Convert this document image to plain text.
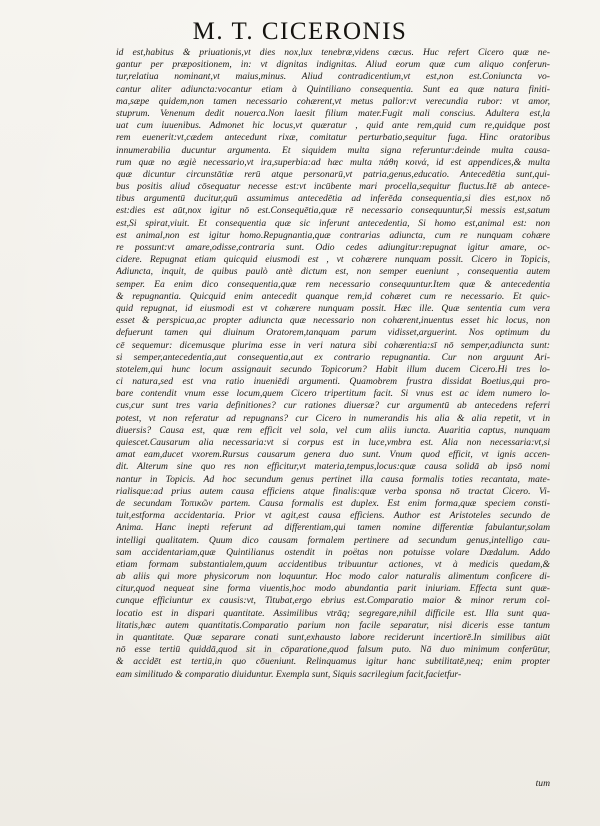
M. T. CICERONIS
id est,habitus & priuationis,vt dies nox,lux tenebræ,videns cæcus. Huc refert Cicero quæ ne-
gantur per præpositionem, in: vt dignitas indignitas. Aliud eorum quæ cum aliquo conferun-
tur,relatiua nominant,vt maius,minus. Aliud contradicentium,vt est,non est.Coniuncta vo-
cantur aliter adiuncta:vocantur etiam à Quintiliano consequentia. Sunt ea quæ natura finiti-
ma,sæpe quidem,non tamen necessario cohærent,vt metus pallor:vt verecundia rubor: vt amor,
stuprum. Venenum dedit nouerca.Non laesit filium mater.Fugit mali conscius. Adultera est,la
uat cum iuuenibus. Admonet hic locus,vt quæratur , quid ante rem,quid cum re,quidque post
rem euenerit:vt,cædem antecedunt rixæ, comitatur perturbatio,sequitur fuga. Hinc oratoribus
innumerabilia ducuntur argumenta. Et siquidem multa signa referuntur:deinde multa causa-
rum quæ no ægiè necessario,vt ira,superbia:ad hæc multa πάθη κοινά, id est appendices,& multa
quæ dicuntur circunstātiæ rerū atque personarū,vt patria,genus,educatio. Antecedētia sunt,qui-
bus positis aliud cōsequatur necesse est:vt incūbente mari procella,sequitur fluctus.Itē ab antece-
tibus argumentū ducitur,quū assumimus antecedētia ad inferēda consequentia,si dies est,nox nō
est:dies est aūt,nox igitur nō est.Consequētia,quæ rē necessario consequuntur,Si messis est,satum
est,Si spirat,viuit. Et consequentia quæ sic inferunt antecedentia, Si homo est,animal est: non
est animal,non est igitur homo.Repugnantia,quæ contrarias adiuncta, cum re nunquam cohære
re possunt:vt amare,odisse,contraria sunt. Odio cedes adiungitur:repugnat igitur amare, oc-
cidere. Repugnat etiam quicquid eiusmodi est , vt cohærere nunquam possit. Cicero in Topicis,
Adiuncta, inquit, de quibus paulò antè dictum est, non semper eueniunt , consequentia autem
semper. Ea enim dico consequentia,quæ rem necessario consequuntur.Item quæ & antecedentia
& repugnantia. Quicquid enim antecedit quanque rem,id cohæret cum re necessario. Et quic-
quid repugnat, id eiusmodi est vt cohærere nunquam possit. Hæc ille. Quæ sententia cum vera
esset & perspicua,ac propter adiuncta quæ necessario non cohærent,inuentus esset hic locus, non
defuerunt tamen qui diuinum Oratorem,tanquam parum vidisset,arguerint. Nos optimum du
cē sequemur: dicemusque plurima esse in veri natura sibi cohærentia:sī nō semper,adiuncta sunt:
si semper,antecedentia,aut consequentia,aut ex contrario repugnantia. Cur non arguunt Ari-
stotelem,qui hunc locum assignauit secundo Topicorum? Habit illum ducem Cicero.Hi tres lo-
ci natura,sed est vna ratio inueniēdi argumenti. Quamobrem frustra dissidat Boetius,qui pro-
bare contendit vnum esse locum,quem Cicero tripertitum facit. Si vnus est ac idem numero lo-
cus,cur sunt tres varia definitiones? cur rationes diuersæ? cur argumentū ab antecedens referri
potest, vt non referatur ad repugnans? cur Cicero in numerandis his alia & alia repetit, vt in
diuersis? Causa est, quæ rem efficit vel sola, vel cum aliis iuncta. Auaritia captus, nunquam
quiescet.Causarum alia necessaria:vt si corpus est in luce,vmbra est. Alia non necessaria:vt,si
amat eam,ducet vxorem.Rursus causarum genera duo sunt. Vnum quod efficit, vt ignis accen-
dit. Alterum sine quo res non efficitur,vt materia,tempus,locus:quæ causa solidā ab ipsō nomi
nantur in Topicis. Ad hoc secundum genus pertinet illa causa formalis toties recantata, mate-
rialisque:ad prius autem causa efficiens atque finalis:quæ verba sponsa nō tractat Cicero. Vi-
de secundam Τοπικῶν partem. Causa formalis est duplex. Est enim forma,quæ speciem consti-
tuit,estforma accidentaria. Prior vt agit,est causa efficiens. Author est Aristoteles secundo de
Anima. Hanc inepti referunt ad differentiam,qui tamen nomine differentiæ fabulantur,solam
intelligi qualitatem. Quum dico causam formalem pertinere ad secundum genus,intelligo cau-
sam accidentariam,quæ Quintilianus ostendit in poëtas non potuisse volare Dædalum. Addo
etiam formam substantialem,quum accidentibus tribuuntur actiones, vt à medicis quedam,&
ab aliis qui more physicorum non loquuntur. Hoc modo calor naturalis alimentum conficere di-
citur,quod nequeat sine forma viuentis,hoc modo abundantia parit iniuriam. Effecta sunt quæ-
cunque efficiuntur ex causis:vt, Titubat,ergo ebrius est.Comparatio maior & minor rerum col-
locatio est in dispari quantitate. Assimilibus vtrāq; segregare,nihil difficile est. Illa sunt qua-
litatis,hæc autem quantitatis.Comparatio parium non facile separatur, nisi diceris esse tantum
in quantitate. Quæ separare conati sunt,exhausto labore reciderunt incertiorē.In similibus aiūt
nō esse tertiū quiddā,quod sit in cōparatione,quod falsum puto. Nā duo minimum conferūtur,
& accidēt est tertiū,in quo cōueniunt. Relinquamus igitur hanc subtilitatē,neq; enim propter
eam similitudo & comparatio diuiduntur. Exempla sunt, Siquis sacrilegium facit,facietfur-
tum
